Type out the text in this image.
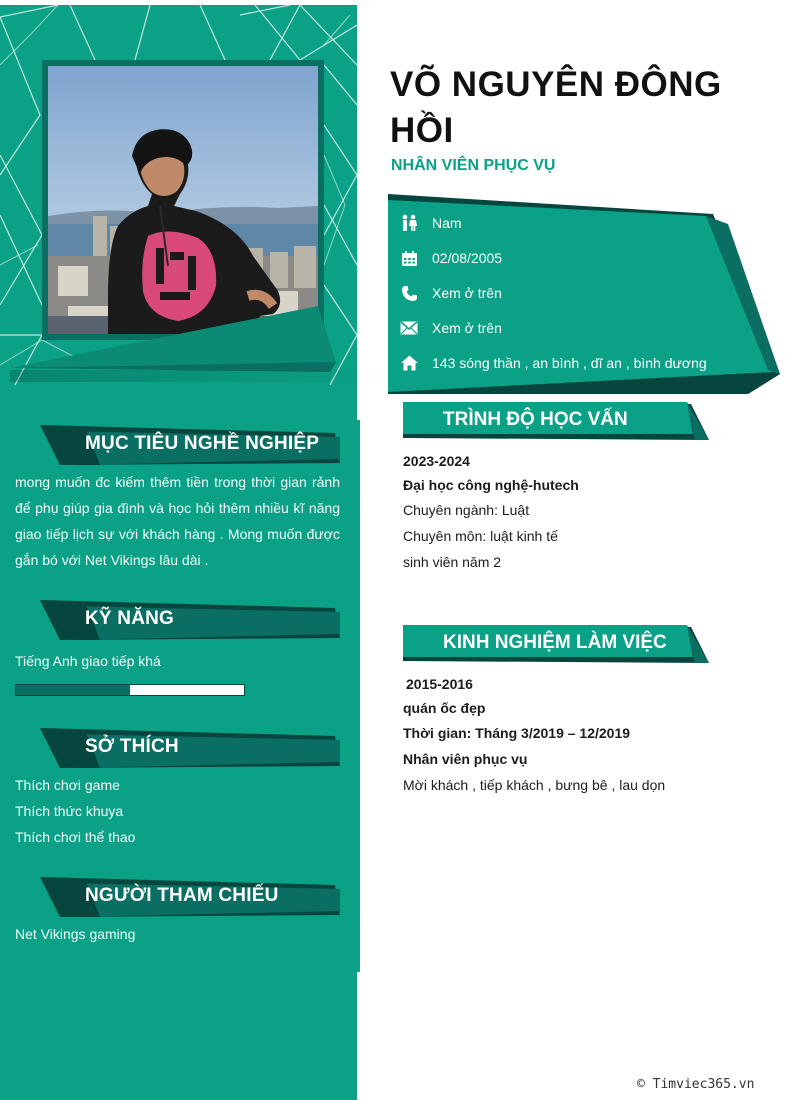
MỤC TIÊU NGHỀ NGHIỆP
mong muốn đc kiếm thêm tiền trong thời gian rảnh để phụ giúp gia đình và học hỏi thêm nhiều kĩ năng giao tiếp lịch sự với khách hàng . Mong muốn được gắn bó với Net Vikings lâu dài .
KỸ NĂNG
Tiếng Anh giao tiếp khá
SỞ THÍCH
Thích chơi game
Thích thức khuya
Thích chơi thể thao
NGƯỜI THAM CHIẾU
Net Vikings gaming
VÕ NGUYÊN ĐÔNG HỒI
NHÂN VIÊN PHỤC VỤ
Nam
02/08/2005
Xem ở trên
Xem ở trên
143 sóng thần , an bình , dĩ an , bình dương
TRÌNH ĐỘ HỌC VẤN
2023-2024
Đại học công nghệ-hutech
Chuyên ngành: Luật
Chuyên môn: luật kinh tế
sinh viên năm 2
KINH NGHIỆM LÀM VIỆC
2015-2016
quán ốc đẹp
Thời gian: Tháng 3/2019 – 12/2019
Nhân viên phục vụ
Mời khách , tiếp khách , bưng bê , lau dọn
© Timviec365.vn
